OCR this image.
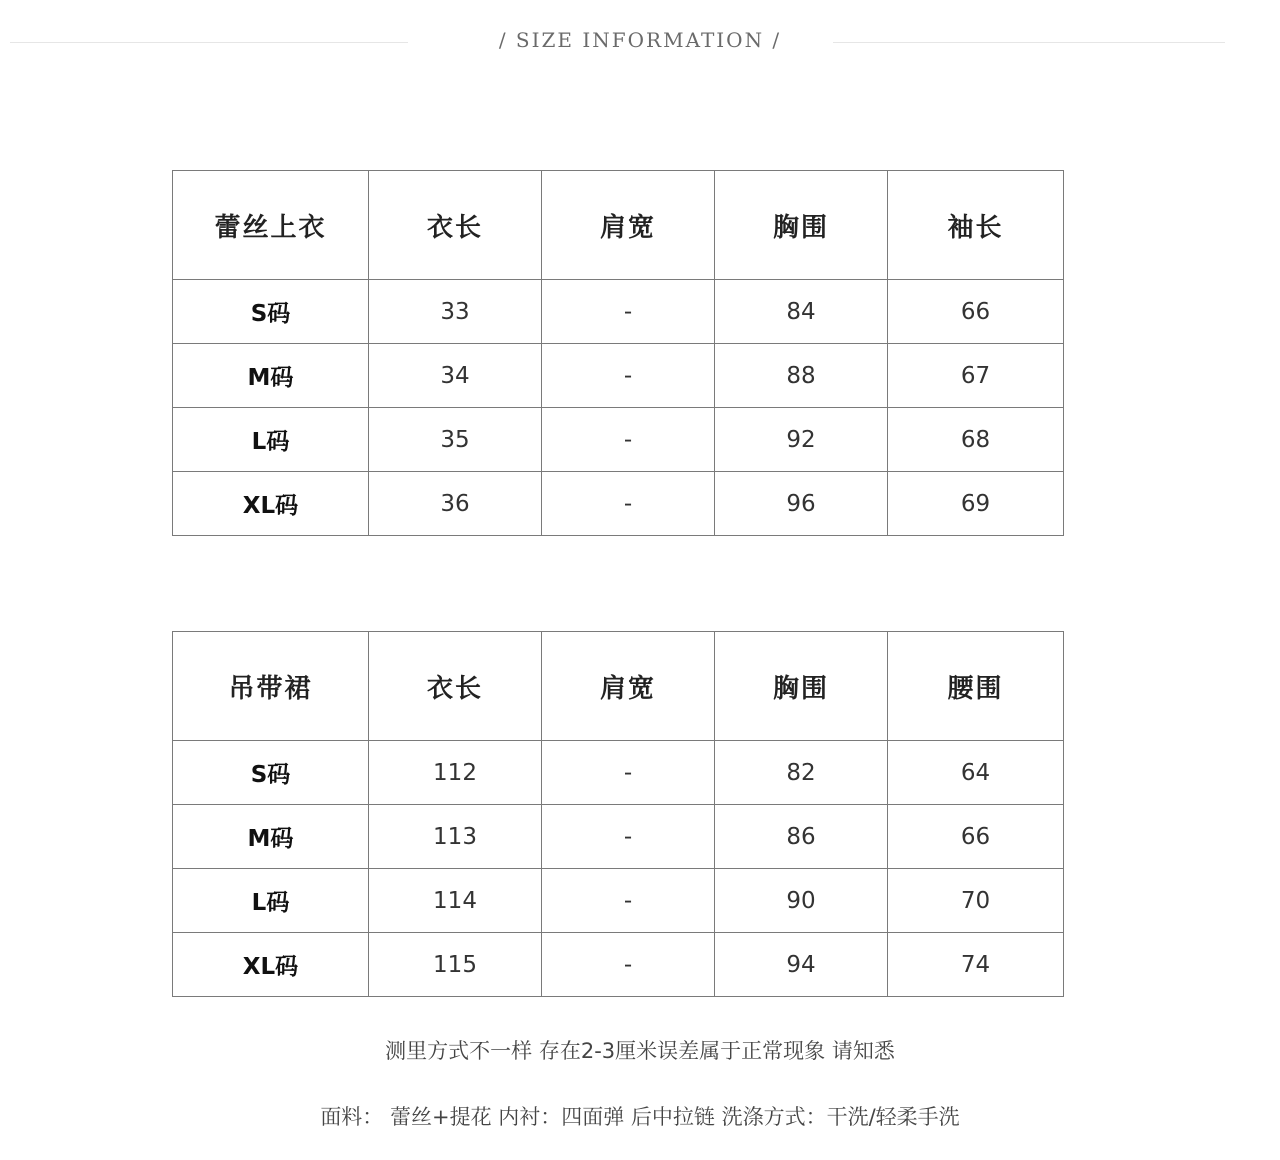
/ SIZE INFORMATION /
蕾丝上衣	衣长	肩宽	胸围	袖长
S码	33	-	84	66
M码	34	-	88	67
L码	35	-	92	68
XL码	36	-	96	69
吊带裙	衣长	肩宽	胸围	腰围
S码	112	-	82	64
M码	113	-	86	66
L码	114	-	90	70
XL码	115	-	94	74
测里方式不一样 存在2-3厘米误差属于正常现象 请知悉
面料： 蕾丝+提花 内衬：四面弹 后中拉链 洗涤方式：干洗/轻柔手洗
